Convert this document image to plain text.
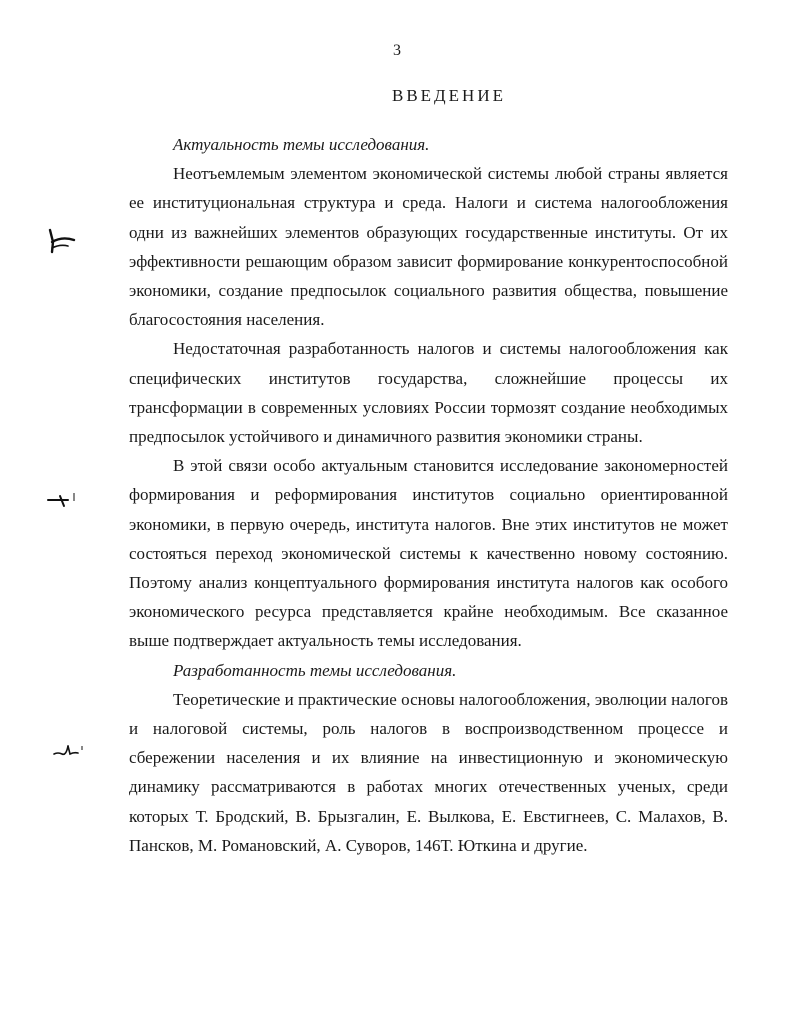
3
ВВЕДЕНИЕ

Актуальность темы исследования.

Неотъемлемым элементом экономической системы любой страны является ее институциональная структура и среда. Налоги и система налогообложения одни из важнейших элементов образующих государственные институты. От их эффективности решающим образом зависит формирование конкурентоспособной экономики, создание предпосылок социального развития общества, повышение благосостояния населения.

Недостаточная разработанность налогов и системы налогообложения как специфических институтов государства, сложнейшие процессы их трансформации в современных условиях России тормозят создание необходимых предпосылок устойчивого и динамичного развития экономики страны.

В этой связи особо актуальным становится исследование закономерностей формирования и реформирования институтов социально ориентированной экономики, в первую очередь, института налогов. Вне этих институтов не может состояться переход экономической системы к качественно новому состоянию. Поэтому анализ концептуального формирования института налогов как особого экономического ресурса представляется крайне необходимым. Все сказанное выше подтверждает актуальность темы исследования.

Разработанность темы исследования.

Теоретические и практические основы налогообложения, эволюции налогов и налоговой системы, роль налогов в воспроизводственном процессе и сбережении населения и их влияние на инвестиционную и экономическую динамику рассматриваются в работах многих отечественных ученых, среди которых Т. Бродский, В. Брызгалин, Е. Вылкова, Е. Евстигнеев, С. Малахов, В. Пансков, М. Романовский, А. Суворов, 146Т. Юткина и другие.
